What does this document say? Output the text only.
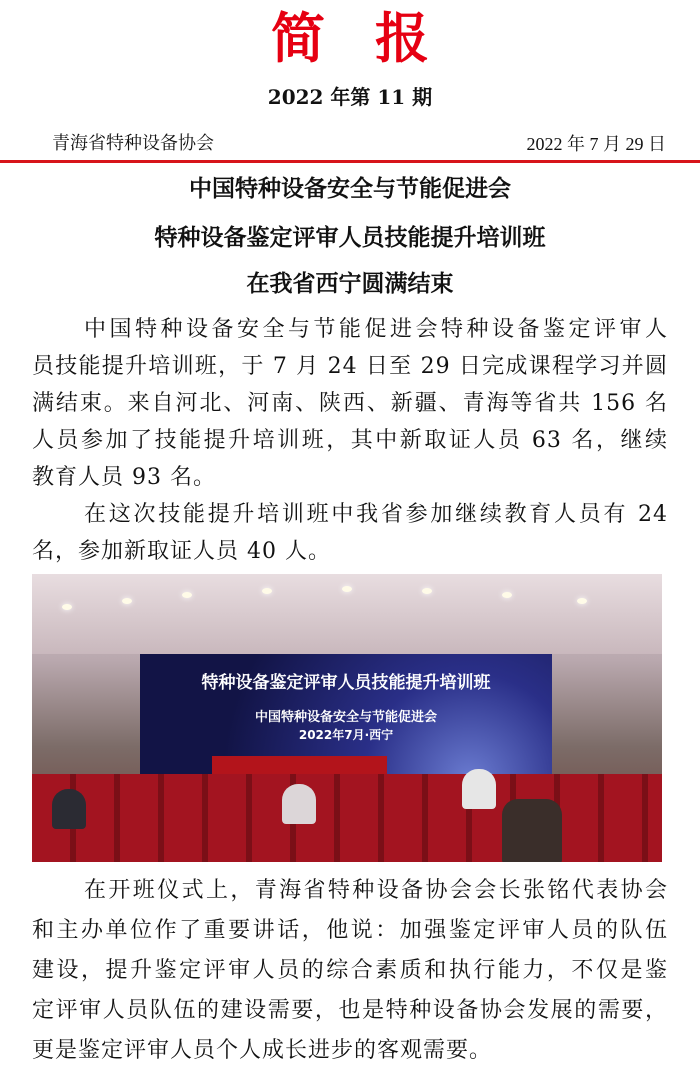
简报
2022 年第 11 期
青海省特种设备协会	2022 年 7 月 29 日
中国特种设备安全与节能促进会
特种设备鉴定评审人员技能提升培训班
在我省西宁圆满结束
中国特种设备安全与节能促进会特种设备鉴定评审人
员技能提升培训班，于 7 月 24 日至 29 日完成课程学习并圆
满结束。来自河北、河南、陕西、新疆、青海等省共 156 名
人员参加了技能提升培训班，其中新取证人员 63 名，继续
教育人员 93 名。
在这次技能提升培训班中我省参加继续教育人员有 24
名，参加新取证人员 40 人。
特种设备鉴定评审人员技能提升培训班
中国特种设备安全与节能促进会
2022年7月·西宁
在开班仪式上，青海省特种设备协会会长张铭代表协会
和主办单位作了重要讲话，他说：加强鉴定评审人员的队伍
建设，提升鉴定评审人员的综合素质和执行能力，不仅是鉴
定评审人员队伍的建设需要，也是特种设备协会发展的需要，
更是鉴定评审人员个人成长进步的客观需要。
